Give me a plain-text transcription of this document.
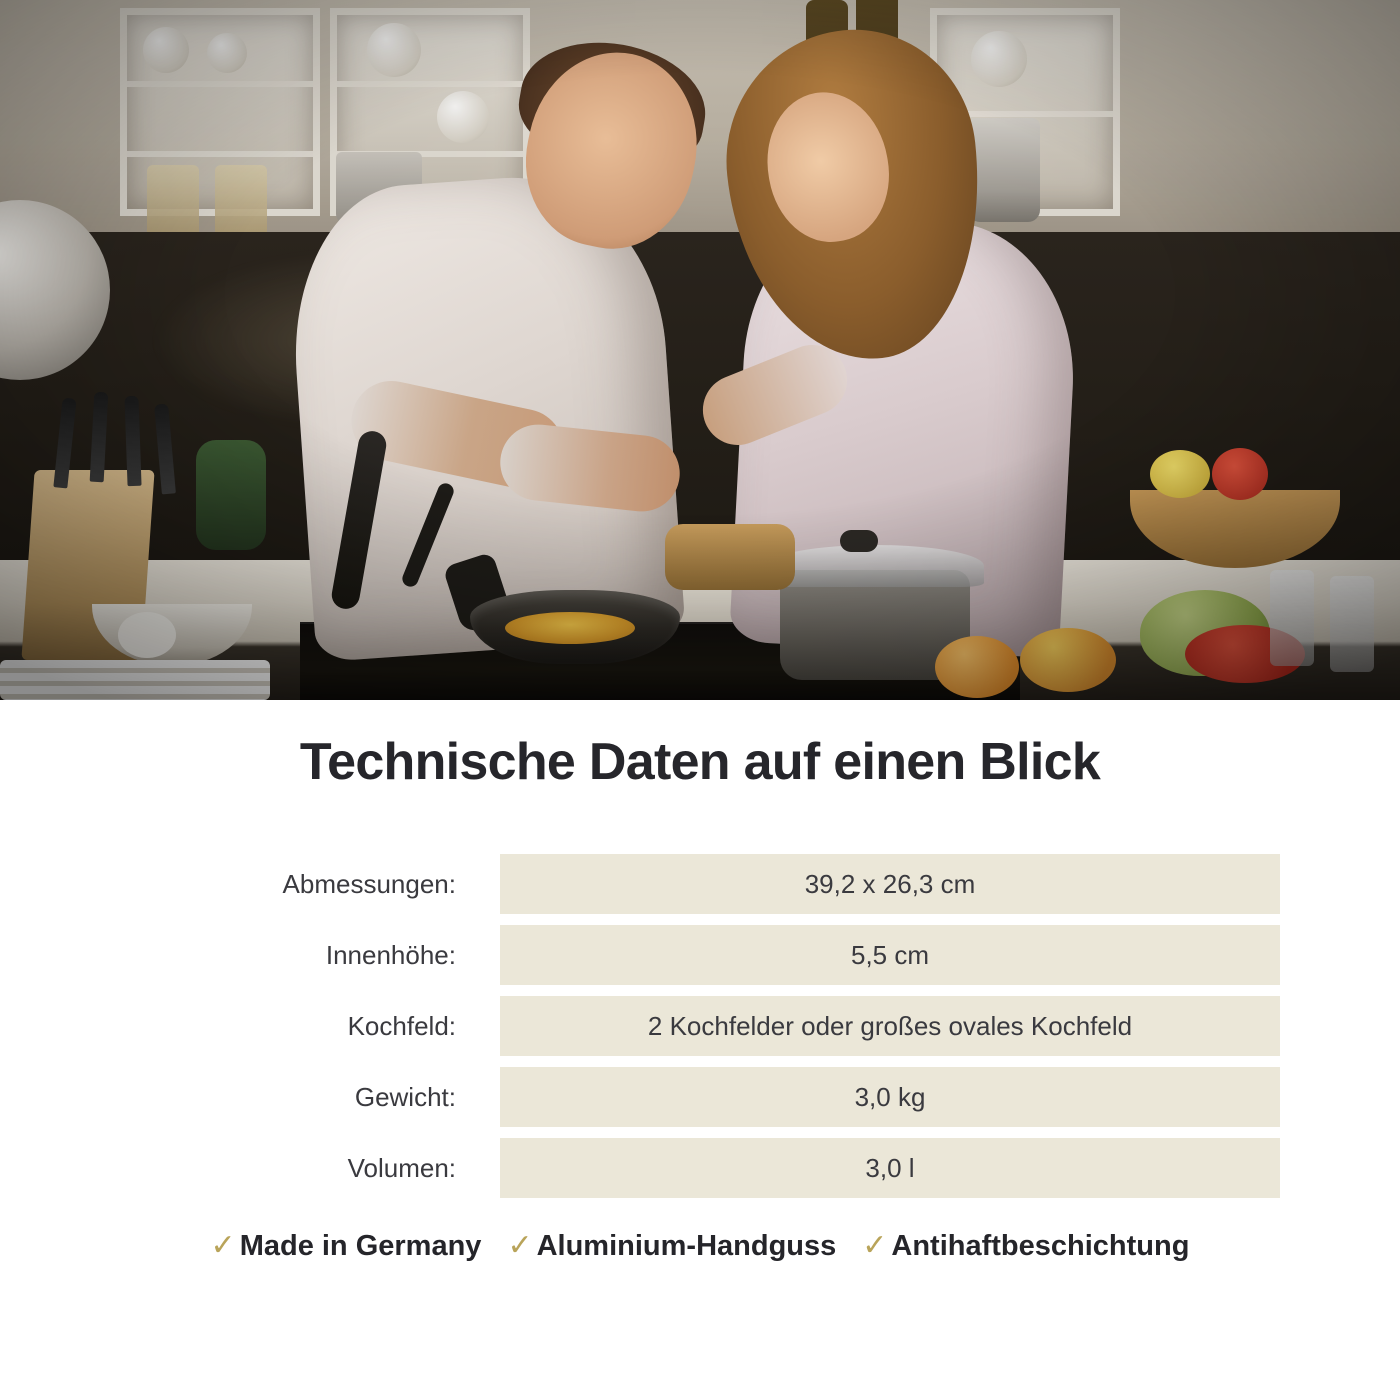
Technische Daten auf einen Blick
Abmessungen:	39,2 x 26,3 cm
Innenhöhe:	5,5 cm
Kochfeld:	2 Kochfelder oder großes ovales Kochfeld
Gewicht:	3,0 kg
Volumen:	3,0 l
✓ Made in Germany ✓ Aluminium-Handguss ✓ Antihaftbeschichtung
